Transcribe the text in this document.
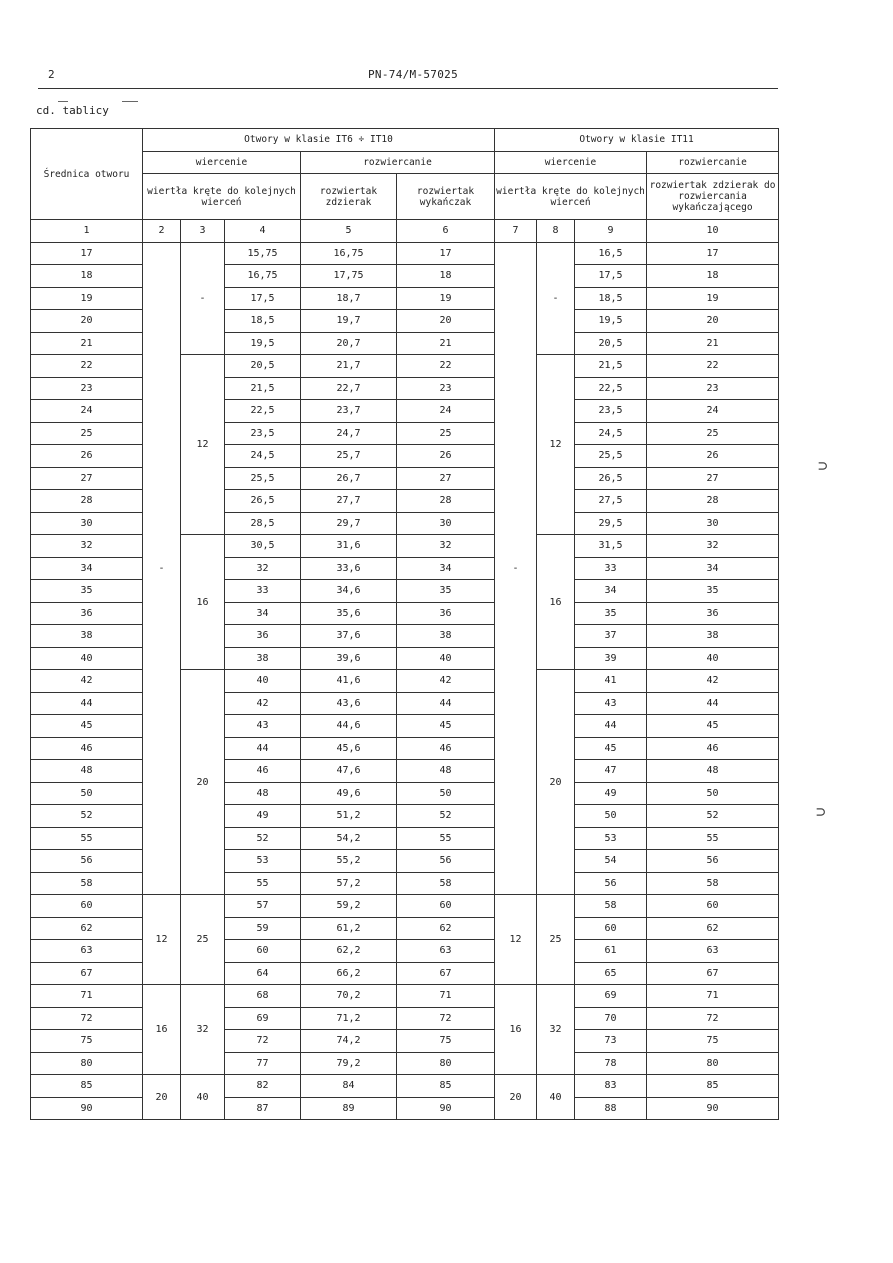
2	PN-74/M-57025
cd. tablicy
⊃
⊃
Średnica otworu	Otwory w klasie IT6 ÷ IT10					Otwory w klasie IT11			
	wiercenie			rozwiercanie		wiercenie			rozwiercanie
	wiertła kręte do kolejnych wierceń			rozwiertak zdzierak	rozwiertak wykańczak	wiertła kręte do kolejnych wierceń			rozwiertak zdzierak do rozwiercania wykańczającego
1	2	3	4	5	6	7	8	9	10
17	-	-	15,75	16,75	17	-	-	16,5	17
18			16,75	17,75	18			17,5	18
19			17,5	18,7	19			18,5	19
20			18,5	19,7	20			19,5	20
21			19,5	20,7	21			20,5	21
22		12	20,5	21,7	22		12	21,5	22
23			21,5	22,7	23			22,5	23
24			22,5	23,7	24			23,5	24
25			23,5	24,7	25			24,5	25
26			24,5	25,7	26			25,5	26
27			25,5	26,7	27			26,5	27
28			26,5	27,7	28			27,5	28
30			28,5	29,7	30			29,5	30
32		16	30,5	31,6	32		16	31,5	32
34			32	33,6	34			33	34
35			33	34,6	35			34	35
36			34	35,6	36			35	36
38			36	37,6	38			37	38
40			38	39,6	40			39	40
42		20	40	41,6	42		20	41	42
44			42	43,6	44			43	44
45			43	44,6	45			44	45
46			44	45,6	46			45	46
48			46	47,6	48			47	48
50			48	49,6	50			49	50
52			49	51,2	52			50	52
55			52	54,2	55			53	55
56			53	55,2	56			54	56
58			55	57,2	58			56	58
60	12	25	57	59,2	60	12	25	58	60
62			59	61,2	62			60	62
63			60	62,2	63			61	63
67			64	66,2	67			65	67
71	16	32	68	70,2	71	16	32	69	71
72			69	71,2	72			70	72
75			72	74,2	75			73	75
80			77	79,2	80			78	80
85	20	40	82	84	85	20	40	83	85
90			87	89	90			88	90
